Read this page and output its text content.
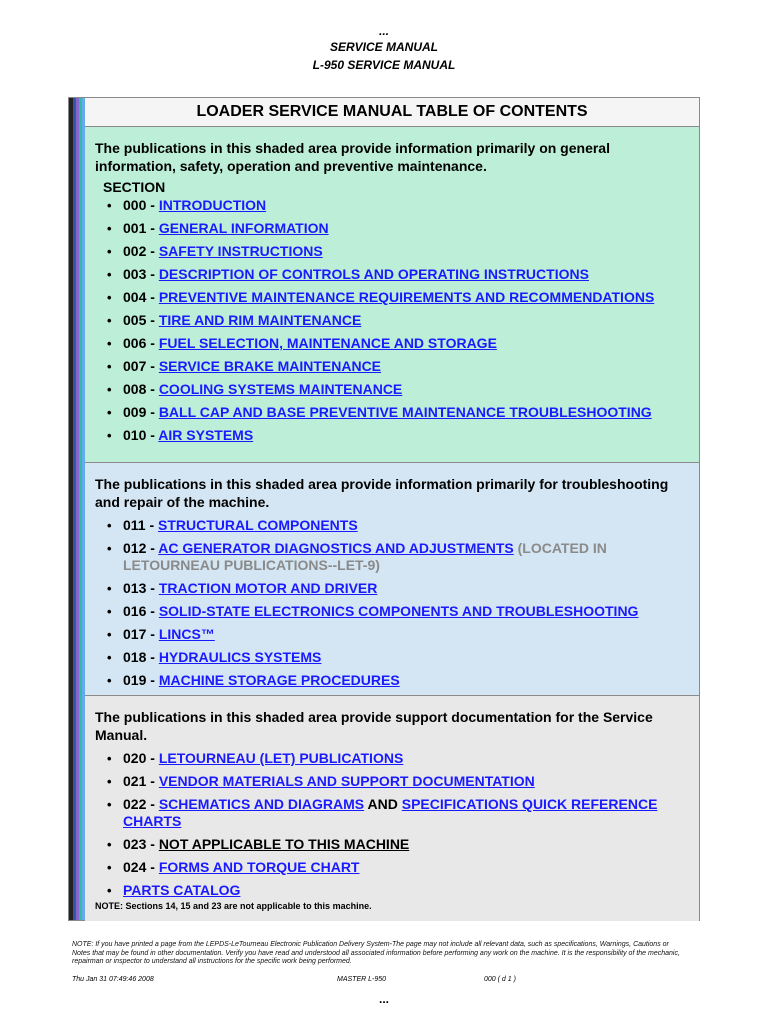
...
SERVICE MANUAL
L-950 SERVICE MANUAL
LOADER SERVICE MANUAL TABLE OF CONTENTS
The publications in this shaded area provide information primarily on general information, safety, operation and preventive maintenance.
SECTION
• 000 - INTRODUCTION
• 001 - GENERAL INFORMATION
• 002 - SAFETY INSTRUCTIONS
• 003 - DESCRIPTION OF CONTROLS AND OPERATING INSTRUCTIONS
• 004 - PREVENTIVE MAINTENANCE REQUIREMENTS AND RECOMMENDATIONS
• 005 - TIRE AND RIM MAINTENANCE
• 006 - FUEL SELECTION, MAINTENANCE AND STORAGE
• 007 - SERVICE BRAKE MAINTENANCE
• 008 - COOLING SYSTEMS MAINTENANCE
• 009 - BALL CAP AND BASE PREVENTIVE MAINTENANCE TROUBLESHOOTING
• 010 - AIR SYSTEMS
The publications in this shaded area provide information primarily for troubleshooting and repair of the machine.
• 011 - STRUCTURAL COMPONENTS
• 012 - AC GENERATOR DIAGNOSTICS AND ADJUSTMENTS (LOCATED IN LETOURNEAU PUBLICATIONS--LET-9)
• 013 - TRACTION MOTOR AND DRIVER
• 016 - SOLID-STATE ELECTRONICS COMPONENTS AND TROUBLESHOOTING
• 017 - LINCS™
• 018 - HYDRAULICS SYSTEMS
• 019 - MACHINE STORAGE PROCEDURES
The publications in this shaded area provide support documentation for the Service Manual.
• 020 - LETOURNEAU (LET) PUBLICATIONS
• 021 - VENDOR MATERIALS AND SUPPORT DOCUMENTATION
• 022 - SCHEMATICS AND DIAGRAMS AND SPECIFICATIONS QUICK REFERENCE CHARTS
• 023 - NOT APPLICABLE TO THIS MACHINE
• 024 - FORMS AND TORQUE CHART
• PARTS CATALOG
NOTE: Sections 14, 15 and 23 are not applicable to this machine.
NOTE: If you have printed a page from the LEPDS-LeTourneau Electronic Publication Delivery System-The page may not include all relevant data, such as specifications, Warnings, Cautions or Notes that may be found in other documentation. Verify you have read and understood all associated information before performing any work on the machine. It is the responsibility of the mechanic, repairman or inspector to understand all instructions for the specific work being performed.
Thu Jan 31 07:49:46 2008	MASTER L-950	000 ( d 1 )
...
